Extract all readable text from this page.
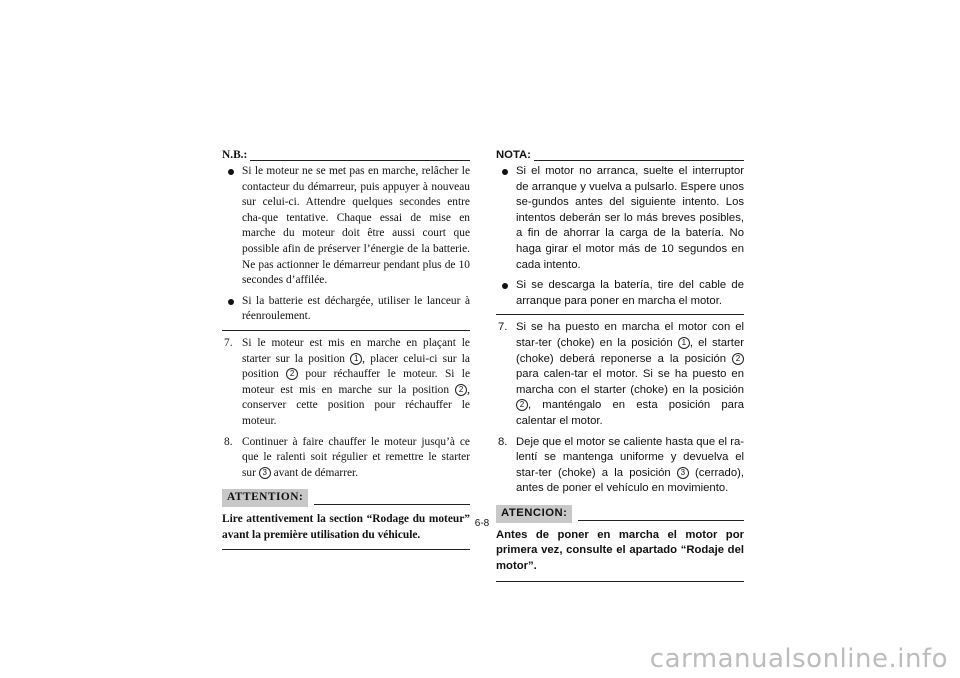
N.B.:
Si le moteur ne se met pas en marche, relâcher le contacteur du démarreur, puis appuyer à nouveau sur celui-ci. Attendre quelques secondes entre cha-que tentative. Chaque essai de mise en marche du moteur doit être aussi court que possible afin de préserver l’énergie de la batterie. Ne pas actionner le démarreur pendant plus de 10 secondes d’affilée.
Si la batterie est déchargée, utiliser le lanceur à réenroulement.
7. Si le moteur est mis en marche en plaçant le starter sur la position 1 , placer celui-ci sur la position 2 pour réchauffer le moteur. Si le moteur est mis en marche sur la position 2 , conserver cette position pour réchauffer le moteur.
8. Continuer à faire chauffer le moteur jusqu’à ce que le ralenti soit régulier et remettre le starter sur 3 avant de démarrer.
ATTENTION:
Lire attentivement la section “Rodage du moteur” avant la première utilisation du véhicule.
NOTA:
Si el motor no arranca, suelte el interruptor de arranque y vuelva a pulsarlo. Espere unos se-gundos antes del siguiente intento. Los intentos deberán ser lo más breves posibles, a fin de ahorrar la carga de la batería. No haga girar el motor más de 10 segundos en cada intento.
Si se descarga la batería, tire del cable de arranque para poner en marcha el motor.
7. Si se ha puesto en marcha el motor con el star-ter (choke) en la posición 1 , el starter (choke) deberá reponerse a la posición 2 para calen-tar el motor. Si se ha puesto en marcha con el starter (choke) en la posición 2 , manténgalo en esta posición para calentar el motor.
8. Deje que el motor se caliente hasta que el ra-lentí se mantenga uniforme y devuelva el star-ter (choke) a la posición 3 (cerrado), antes de poner el vehículo en movimiento.
ATENCION:
Antes de poner en marcha el motor por primera vez, consulte el apartado “Rodaje del motor”.
6-8
carmanualsonline.info
